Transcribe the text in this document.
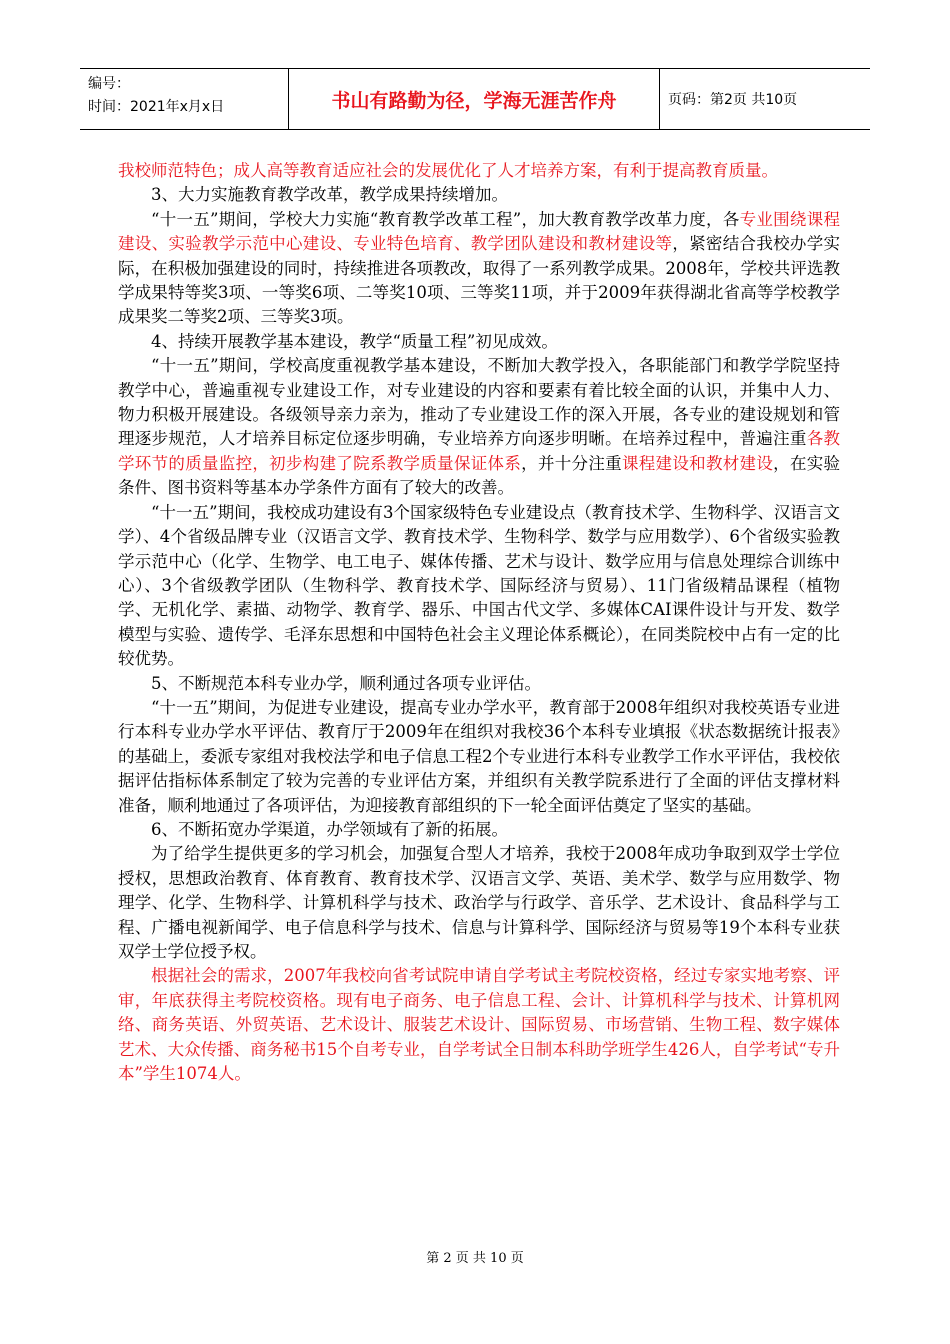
编号：
时间：2021年x月x日	书山有路勤为径，学海无涯苦作舟	页码：第2页 共10页

我校师范特色；成人高等教育适应社会的发展优化了人才培养方案，有利于提高教育质量。

3、大力实施教育教学改革，教学成果持续增加。

“十一五”期间，学校大力实施“教育教学改革工程”，加大教育教学改革力度，各专业围绕课程建设、实验教学示范中心建设、专业特色培育、教学团队建设和教材建设等，紧密结合我校办学实际，在积极加强建设的同时，持续推进各项教改，取得了一系列教学成果。2008年，学校共评选教学成果特等奖3项、一等奖6项、二等奖10项、三等奖11项，并于2009年获得湖北省高等学校教学成果奖二等奖2项、三等奖3项。

4、持续开展教学基本建设，教学“质量工程”初见成效。

“十一五”期间，学校高度重视教学基本建设，不断加大教学投入，各职能部门和教学学院坚持教学中心，普遍重视专业建设工作，对专业建设的内容和要素有着比较全面的认识，并集中人力、物力积极开展建设。各级领导亲力亲为，推动了专业建设工作的深入开展，各专业的建设规划和管理逐步规范，人才培养目标定位逐步明确，专业培养方向逐步明晰。在培养过程中，普遍注重各教学环节的质量监控，初步构建了院系教学质量保证体系，并十分注重课程建设和教材建设，在实验条件、图书资料等基本办学条件方面有了较大的改善。

“十一五”期间，我校成功建设有3个国家级特色专业建设点（教育技术学、生物科学、汉语言文学）、4个省级品牌专业（汉语言文学、教育技术学、生物科学、数学与应用数学）、6个省级实验教学示范中心（化学、生物学、电工电子、媒体传播、艺术与设计、数学应用与信息处理综合训练中心）、3个省级教学团队（生物科学、教育技术学、国际经济与贸易）、11门省级精品课程（植物学、无机化学、素描、动物学、教育学、器乐、中国古代文学、多媒体CAI课件设计与开发、数学模型与实验、遗传学、毛泽东思想和中国特色社会主义理论体系概论），在同类院校中占有一定的比较优势。

5、不断规范本科专业办学，顺利通过各项专业评估。

“十一五”期间，为促进专业建设，提高专业办学水平，教育部于2008年组织对我校英语专业进行本科专业办学水平评估、教育厅于2009年在组织对我校36个本科专业填报《状态数据统计报表》的基础上，委派专家组对我校法学和电子信息工程2个专业进行本科专业教学工作水平评估，我校依据评估指标体系制定了较为完善的专业评估方案，并组织有关教学院系进行了全面的评估支撑材料准备，顺利地通过了各项评估，为迎接教育部组织的下一轮全面评估奠定了坚实的基础。

6、不断拓宽办学渠道，办学领域有了新的拓展。

为了给学生提供更多的学习机会，加强复合型人才培养，我校于2008年成功争取到双学士学位授权，思想政治教育、体育教育、教育技术学、汉语言文学、英语、美术学、数学与应用数学、物理学、化学、生物科学、计算机科学与技术、政治学与行政学、音乐学、艺术设计、食品科学与工程、广播电视新闻学、电子信息科学与技术、信息与计算科学、国际经济与贸易等19个本科专业获双学士学位授予权。

根据社会的需求，2007年我校向省考试院申请自学考试主考院校资格，经过专家实地考察、评审，年底获得主考院校资格。现有电子商务、电子信息工程、会计、计算机科学与技术、计算机网络、商务英语、外贸英语、艺术设计、服装艺术设计、国际贸易、市场营销、生物工程、数字媒体艺术、大众传播、商务秘书15个自考专业，自学考试全日制本科助学班学生426人，自学考试“专升本”学生1074人。

第 2 页 共 10 页
